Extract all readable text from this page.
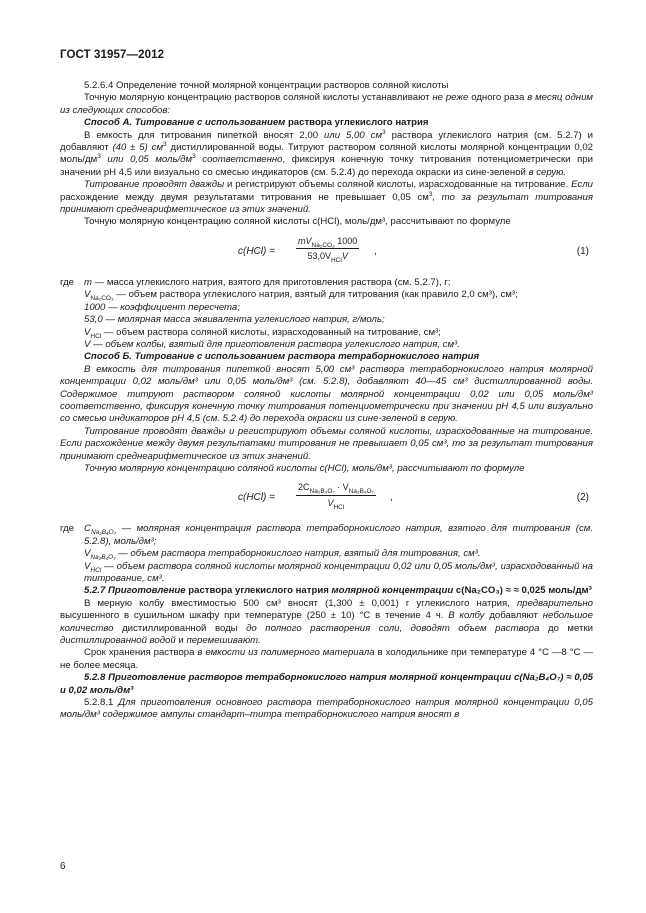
ГОСТ 31957—2012

5.2.6.4 Определение точной молярной концентрации растворов соляной кислоты

Точную молярную концентрацию растворов соляной кислоты устанавливают не реже одного раза в месяц одним из следующих способов:

Способ А. Титрование с использованием раствора углекислого натрия

В емкость для титрования пипеткой вносят 2,00 или 5,00 $см^3$ раствора углекислого натрия (см. 5.2.7) и добавляют (40 ± 5) $см^3$ дистиллированной воды. Титруют раствором соляной кислоты молярной концентрации 0,02 моль/$дм^3$ или 0,05 моль/$дм^3$ соответственно, фиксируя конечную точку титрования потенциометрически при значении pH 4,5 или визуально со смесью индикаторов (см. 5.2.4) до перехода окраски из сине-зеленой в серую.

Титрование проводят дважды и регистрируют объемы соляной кислоты, израсходованные на титрование. Если расхождение между двумя результатами титрования не превышает 0,05 $см^3$, то за результат титрования принимают среднеарифметическое из этих значений.

Точную молярную концентрацию соляной кислоты c(HCl), моль/дм³, рассчитывают по формуле

c(HCl) =
$mV_{Na_2CO_3}$ 1000
$53,0V_{HCl}V$	,	(1)
где	m — масса углекислого натрия, взятого для приготовления раствора (см. 5.2.7), г;
$V_{Na_2CO_3}$ — объем раствора углекислого натрия, взятый для титрования (как правило 2,0 см³), см³;
1000 — коэффициент пересчета;
53,0 — молярная масса эквивалента углекислого натрия, г/моль;
$V_{HCl}$ — объем раствора соляной кислоты, израсходованный на титрование, см³;
V — объем колбы, взятый для приготовления раствора углекислого натрия, см³.

Способ Б. Титрование с использованием раствора тетраборнокислого натрия

В емкость для титрования пипеткой вносят 5,00 см³ раствора тетраборнокислого натрия молярной концентрации 0,02 моль/дм³ или 0,05 моль/дм³ (см. 5.2.8), добавляют 40—45 см³ дистиллированной воды. Содержимое титруют раствором соляной кислоты молярной концентрации 0,02 или 0,05 моль/дм³ соответственно, фиксируя конечную точку титрования потенциометрически при значении pH 4,5 или визуально со смесью индикаторов pH 4,5 (см. 5.2.4) до перехода окраски из сине-зеленой в серую.

Титрование проводят дважды и регистрируют объемы соляной кислоты, израсходованные на титрование. Если расхождение между двумя результатами титрования не превышает 0,05 см³, то за результат титрования принимают среднеарифметическое из этих значений.

Точную молярную концентрацию соляной кислоты c(HCl), моль/дм³, рассчитывают по формуле

c(HCl) =
$2C_{Na_2B_4O_7} \cdot V_{Na_2B_4O_7}$
$V_{HCl}$
,	(2)
где	$C_{Na_2B_4O_7}$ — молярная концентрация раствора тетраборнокислого натрия, взятого для титрования (см. 5.2.8), моль/дм³;
$V_{Na_2B_4O_7}$ — объем раствора тетраборнокислого натрия, взятый для титрования, см³.
$V_{HCl}$ — объем раствора соляной кислоты молярной концентрации 0,02 или 0,05 моль/дм³, израсходованный на титрование, см³.

5.2.7 Приготовление раствора углекислого натрия молярной концентрации c(Na₂CO₃) ≈ ≈ 0,025 моль/дм³

В мерную колбу вместимостью 500 см³ вносят (1,300 ± 0,001) г углекислого натрия, предварительно высушенного в сушильном шкафу при температуре (250 ± 10) °С в течение 4 ч. В колбу добавляют небольшое количество дистиллированной воды до полного растворения соли, доводят объем раствора до метки дистиллированной водой и перемешивают.

Срок хранения раствора в емкости из полимерного материала в холодильнике при температуре 4 °С —8 °С — не более месяца.

5.2.8 Приготовление растворов тетраборнокислого натрия молярной концентрации c(Na₂B₄O₇) ≈ 0,05 и 0,02 моль/дм³

5.2.8.1 Для приготовления основного раствора тетраборнокислого натрия молярной концентрации 0,05 моль/дм³ содержимое ампулы стандарт–титра тетраборнокислого натрия вносят в

6
